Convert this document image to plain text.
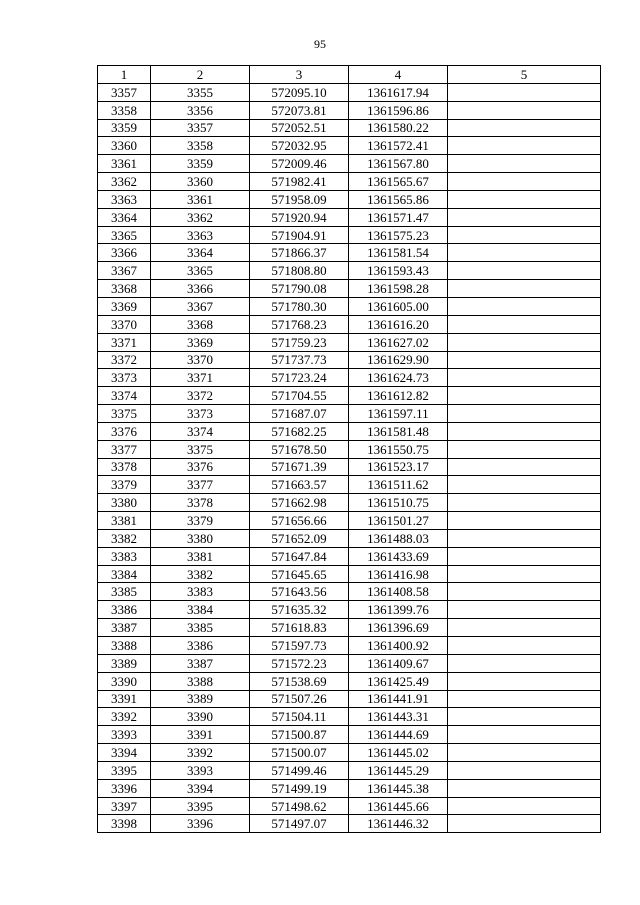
95
1	2	3	4	5
3357	3355	572095.10	1361617.94	
3358	3356	572073.81	1361596.86	
3359	3357	572052.51	1361580.22	
3360	3358	572032.95	1361572.41	
3361	3359	572009.46	1361567.80	
3362	3360	571982.41	1361565.67	
3363	3361	571958.09	1361565.86	
3364	3362	571920.94	1361571.47	
3365	3363	571904.91	1361575.23	
3366	3364	571866.37	1361581.54	
3367	3365	571808.80	1361593.43	
3368	3366	571790.08	1361598.28	
3369	3367	571780.30	1361605.00	
3370	3368	571768.23	1361616.20	
3371	3369	571759.23	1361627.02	
3372	3370	571737.73	1361629.90	
3373	3371	571723.24	1361624.73	
3374	3372	571704.55	1361612.82	
3375	3373	571687.07	1361597.11	
3376	3374	571682.25	1361581.48	
3377	3375	571678.50	1361550.75	
3378	3376	571671.39	1361523.17	
3379	3377	571663.57	1361511.62	
3380	3378	571662.98	1361510.75	
3381	3379	571656.66	1361501.27	
3382	3380	571652.09	1361488.03	
3383	3381	571647.84	1361433.69	
3384	3382	571645.65	1361416.98	
3385	3383	571643.56	1361408.58	
3386	3384	571635.32	1361399.76	
3387	3385	571618.83	1361396.69	
3388	3386	571597.73	1361400.92	
3389	3387	571572.23	1361409.67	
3390	3388	571538.69	1361425.49	
3391	3389	571507.26	1361441.91	
3392	3390	571504.11	1361443.31	
3393	3391	571500.87	1361444.69	
3394	3392	571500.07	1361445.02	
3395	3393	571499.46	1361445.29	
3396	3394	571499.19	1361445.38	
3397	3395	571498.62	1361445.66	
3398	3396	571497.07	1361446.32	
